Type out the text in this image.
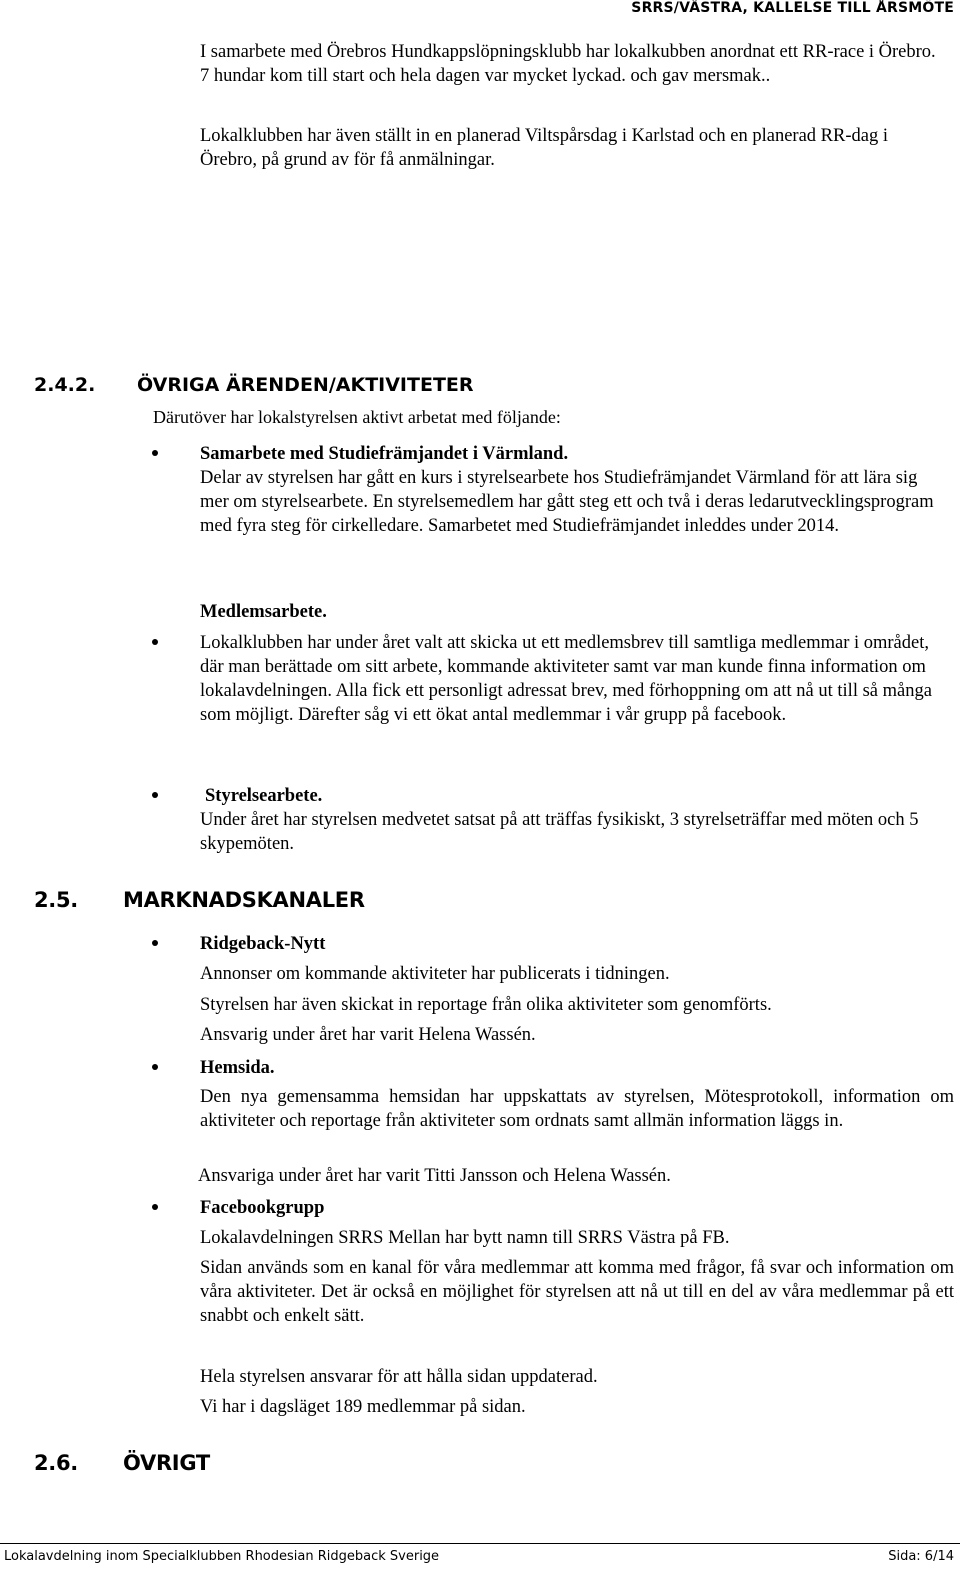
SRRS/VÄSTRA, KALLELSE TILL ÅRSMÖTE

I samarbete med Örebros Hundkappslöpningsklubb har lokalkubben anordnat ett RR-race i Örebro. 7 hundar kom till start och hela dagen var mycket lyckad. och gav mersmak..

Lokalklubben har även ställt in en planerad Viltspårsdag i Karlstad och en planerad RR-dag i Örebro, på grund av för få anmälningar.

2.4.2. ÖVRIGA ÄRENDEN/AKTIVITETER

Därutöver har lokalstyrelsen aktivt arbetat med följande:

Samarbete med Studiefrämjandet i Värmland.

Delar av styrelsen har gått en kurs i styrelsearbete hos Studiefrämjandet Värmland för att lära sig mer om styrelsearbete. En styrelsemedlem har gått steg ett och två i deras ledarutvecklingsprogram med fyra steg för cirkelledare. Samarbetet med Studiefrämjandet inleddes under 2014.

Medlemsarbete.

Lokalklubben har under året valt att skicka ut ett medlemsbrev till samtliga medlemmar i området, där man berättade om sitt arbete, kommande aktiviteter samt var man kunde finna information om lokalavdelningen. Alla fick ett personligt adressat brev, med förhoppning om att nå ut till så många som möjligt. Därefter såg vi ett ökat antal medlemmar i vår grupp på facebook.

Styrelsearbete.

Under året har styrelsen medvetet satsat på att träffas fysikiskt, 3 styrelseträffar med möten och 5 skypemöten.

2.5. MARKNADSKANALER

Ridgeback-Nytt

Annonser om kommande aktiviteter har publicerats i tidningen.

Styrelsen har även skickat in reportage från olika aktiviteter som genomförts.

Ansvarig under året har varit Helena Wassén.

Hemsida.

Den nya gemensamma hemsidan har uppskattats av styrelsen, Mötesprotokoll, information om aktiviteter och reportage från aktiviteter som ordnats samt allmän information läggs in.

Ansvariga under året har varit Titti Jansson och Helena Wassén.

Facebookgrupp

Lokalavdelningen SRRS Mellan har bytt namn till SRRS Västra på FB.

Sidan används som en kanal för våra medlemmar att komma med frågor, få svar och information om våra aktiviteter. Det är också en möjlighet för styrelsen att nå ut till en del av våra medlemmar på ett snabbt och enkelt sätt.

Hela styrelsen ansvarar för att hålla sidan uppdaterad.

Vi har i dagsläget 189 medlemmar på sidan.

2.6. ÖVRIGT
Lokalavdelning inom Specialklubben Rhodesian Ridgeback Sverige	Sida: 6/14
